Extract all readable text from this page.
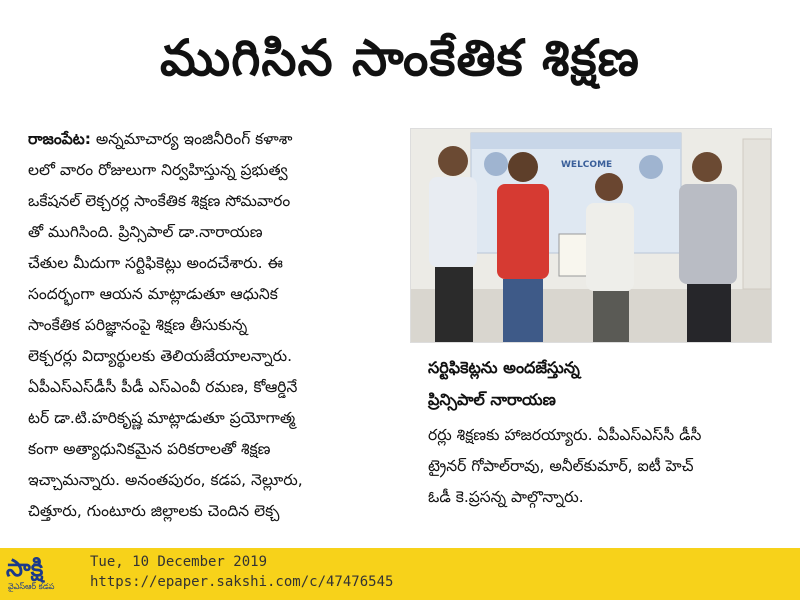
ముగిసిన సాంకేతిక శిక్షణ
రాజంపేట: అన్నమాచార్య ఇంజినీరింగ్ కళాశా
లలో వారం రోజులుగా నిర్వహిస్తున్న ప్రభుత్వ
ఒకేషనల్ లెక్చరర్ల సాంకేతిక శిక్షణ సోమవారం
తో ముగిసింది. ప్రిన్సిపాల్ డా.నారాయణ
చేతుల మీదుగా సర్టిఫికెట్లు అందచేశారు. ఈ
సందర్భంగా ఆయన మాట్లాడుతూ ఆధునిక
సాంకేతిక పరిజ్ఞానంపై శిక్షణ తీసుకున్న
లెక్చరర్లు విద్యార్థులకు తెలియజేయాలన్నారు.
ఏపీఎస్ఎస్‌డీసీ పీడీ ఎస్ఎంవీ రమణ, కోఆర్డినే
టర్ డా.టి.హరికృష్ణ మాట్లాడుతూ ప్రయోగాత్మ
కంగా అత్యాధునికమైన పరికరాలతో శిక్షణ
ఇచ్చామన్నారు. అనంతపురం, కడప, నెల్లూరు,
చిత్తూరు, గుంటూరు జిల్లాలకు చెందిన లెక్చ
WELCOME
సర్టిఫికెట్లను అందజేస్తున్న
ప్రిన్సిపాల్ నారాయణ
రర్లు శిక్షణకు హాజరయ్యారు. ఏపీఎస్ఎస్‌సీ డీసీ
ట్రైనర్ గోపాల్‌రావు, అనీల్‌కుమార్, ఐటీ హెచ్
ఓడీ కె.ప్రసన్న పాల్గొన్నారు.
సాక్షి
వైఎస్ఆర్ కడప
Tue, 10 December 2019
https://epaper.sakshi.com/c/47476545
